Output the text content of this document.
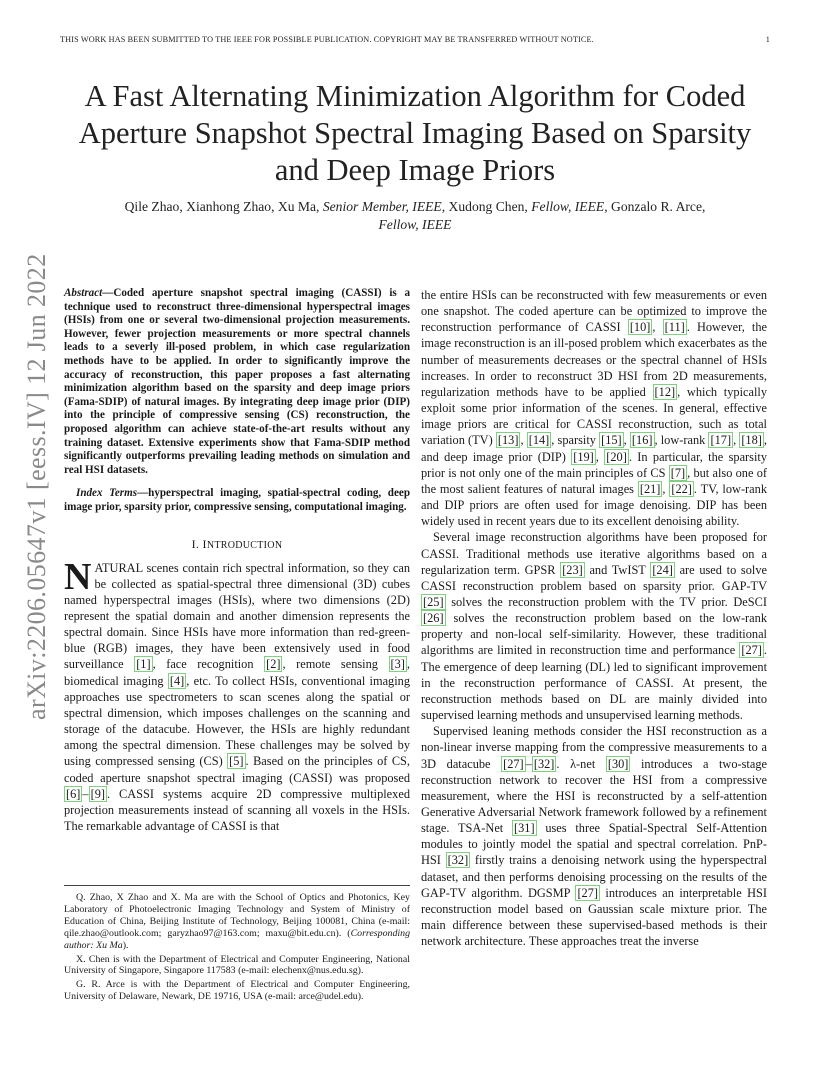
THIS WORK HAS BEEN SUBMITTED TO THE IEEE FOR POSSIBLE PUBLICATION. COPYRIGHT MAY BE TRANSFERRED WITHOUT NOTICE.	1
A Fast Alternating Minimization Algorithm for Coded Aperture Snapshot Spectral Imaging Based on Sparsity and Deep Image Priors
Qile Zhao, Xianhong Zhao, Xu Ma, Senior Member, IEEE, Xudong Chen, Fellow, IEEE, Gonzalo R. Arce,
Fellow, IEEE
arXiv:2206.05647v1 [eess.IV] 12 Jun 2022 Abstract—Coded aperture snapshot spectral imaging (CASSI) is a technique used to reconstruct three-dimensional hyperspectral images (HSIs) from one or several two-dimensional projection measurements. However, fewer projection measurements or more spectral channels leads to a severly ill-posed problem, in which case regularization methods have to be applied. In order to significantly improve the accuracy of reconstruction, this paper proposes a fast alternating minimization algorithm based on the sparsity and deep image priors (Fama-SDIP) of natural images. By integrating deep image prior (DIP) into the principle of compressive sensing (CS) reconstruction, the proposed algorithm can achieve state-of-the-art results without any training dataset. Extensive experiments show that Fama-SDIP method significantly outperforms prevailing leading methods on simulation and real HSI datasets.

Index Terms—hyperspectral imaging, spatial-spectral coding, deep image prior, sparsity prior, compressive sensing, computational imaging.

I. INTRODUCTION

NATURAL scenes contain rich spectral information, so they can be collected as spatial-spectral three dimensional (3D) cubes named hyperspectral images (HSIs), where two dimensions (2D) represent the spatial domain and another dimension represents the spectral domain. Since HSIs have more information than red-green-blue (RGB) images, they have been extensively used in food surveillance [1] , face recognition [2] , remote sensing [3] , biomedical imaging [4] , etc. To collect HSIs, conventional imaging approaches use spectrometers to scan scenes along the spatial or spectral dimension, which imposes challenges on the scanning and storage of the datacube. However, the HSIs are highly redundant among the spectral dimension. These challenges may be solved by using compressed sensing (CS) [5] . Based on the principles of CS, coded aperture snapshot spectral imaging (CASSI) was proposed [6] – [9] . CASSI systems acquire 2D compressive multiplexed projection measurements instead of scanning all voxels in the HSIs. The remarkable advantage of CASSI is that

Q. Zhao, X Zhao and X. Ma are with the School of Optics and Photonics, Key Laboratory of Photoelectronic Imaging Technology and System of Ministry of Education of China, Beijing Institute of Technology, Beijing 100081, China (e-mail: qile.zhao@outlook.com; garyzhao97@163.com; maxu@bit.edu.cn). (Corresponding author: Xu Ma).

X. Chen is with the Department of Electrical and Computer Engineering, National University of Singapore, Singapore 117583 (e-mail: elechenx@nus.edu.sg).

G. R. Arce is with the Department of Electrical and Computer Engineering, University of Delaware, Newark, DE 19716, USA (e-mail: arce@udel.edu).

the entire HSIs can be reconstructed with few measurements or even one snapshot. The coded aperture can be optimized to improve the reconstruction performance of CASSI [10] , [11] . However, the image reconstruction is an ill-posed problem which exacerbates as the number of measurements decreases or the spectral channel of HSIs increases. In order to reconstruct 3D HSI from 2D measurements, regularization methods have to be applied [12] , which typically exploit some prior information of the scenes. In general, effective image priors are critical for CASSI reconstruction, such as total variation (TV) [13] , [14] , sparsity [15] , [16] , low-rank [17] , [18] , and deep image prior (DIP) [19] , [20] . In particular, the sparsity prior is not only one of the main principles of CS [7] , but also one of the most salient features of natural images [21] , [22] . TV, low-rank and DIP priors are often used for image denoising. DIP has been widely used in recent years due to its excellent denoising ability.

Several image reconstruction algorithms have been proposed for CASSI. Traditional methods use iterative algorithms based on a regularization term. GPSR [23] and TwIST [24] are used to solve CASSI reconstruction problem based on sparsity prior. GAP-TV [25] solves the reconstruction problem with the TV prior. DeSCI [26] solves the reconstruction problem based on the low-rank property and non-local self-similarity. However, these traditional algorithms are limited in reconstruction time and performance [27] . The emergence of deep learning (DL) led to significant improvement in the reconstruction performance of CASSI. At present, the reconstruction methods based on DL are mainly divided into supervised learning methods and unsupervised learning methods.

Supervised leaning methods consider the HSI reconstruction as a non-linear inverse mapping from the compressive measurements to a 3D datacube [27] – [32] . λ-net [30] introduces a two-stage reconstruction network to recover the HSI from a compressive measurement, where the HSI is reconstructed by a self-attention Generative Adversarial Network framework followed by a refinement stage. TSA-Net [31] uses three Spatial-Spectral Self-Attention modules to jointly model the spatial and spectral correlation. PnP-HSI [32] firstly trains a denoising network using the hyperspectral dataset, and then performs denoising processing on the results of the GAP-TV algorithm. DGSMP [27] introduces an interpretable HSI reconstruction model based on Gaussian scale mixture prior. The main difference between these supervised-based methods is their network architecture. These approaches treat the inverse
